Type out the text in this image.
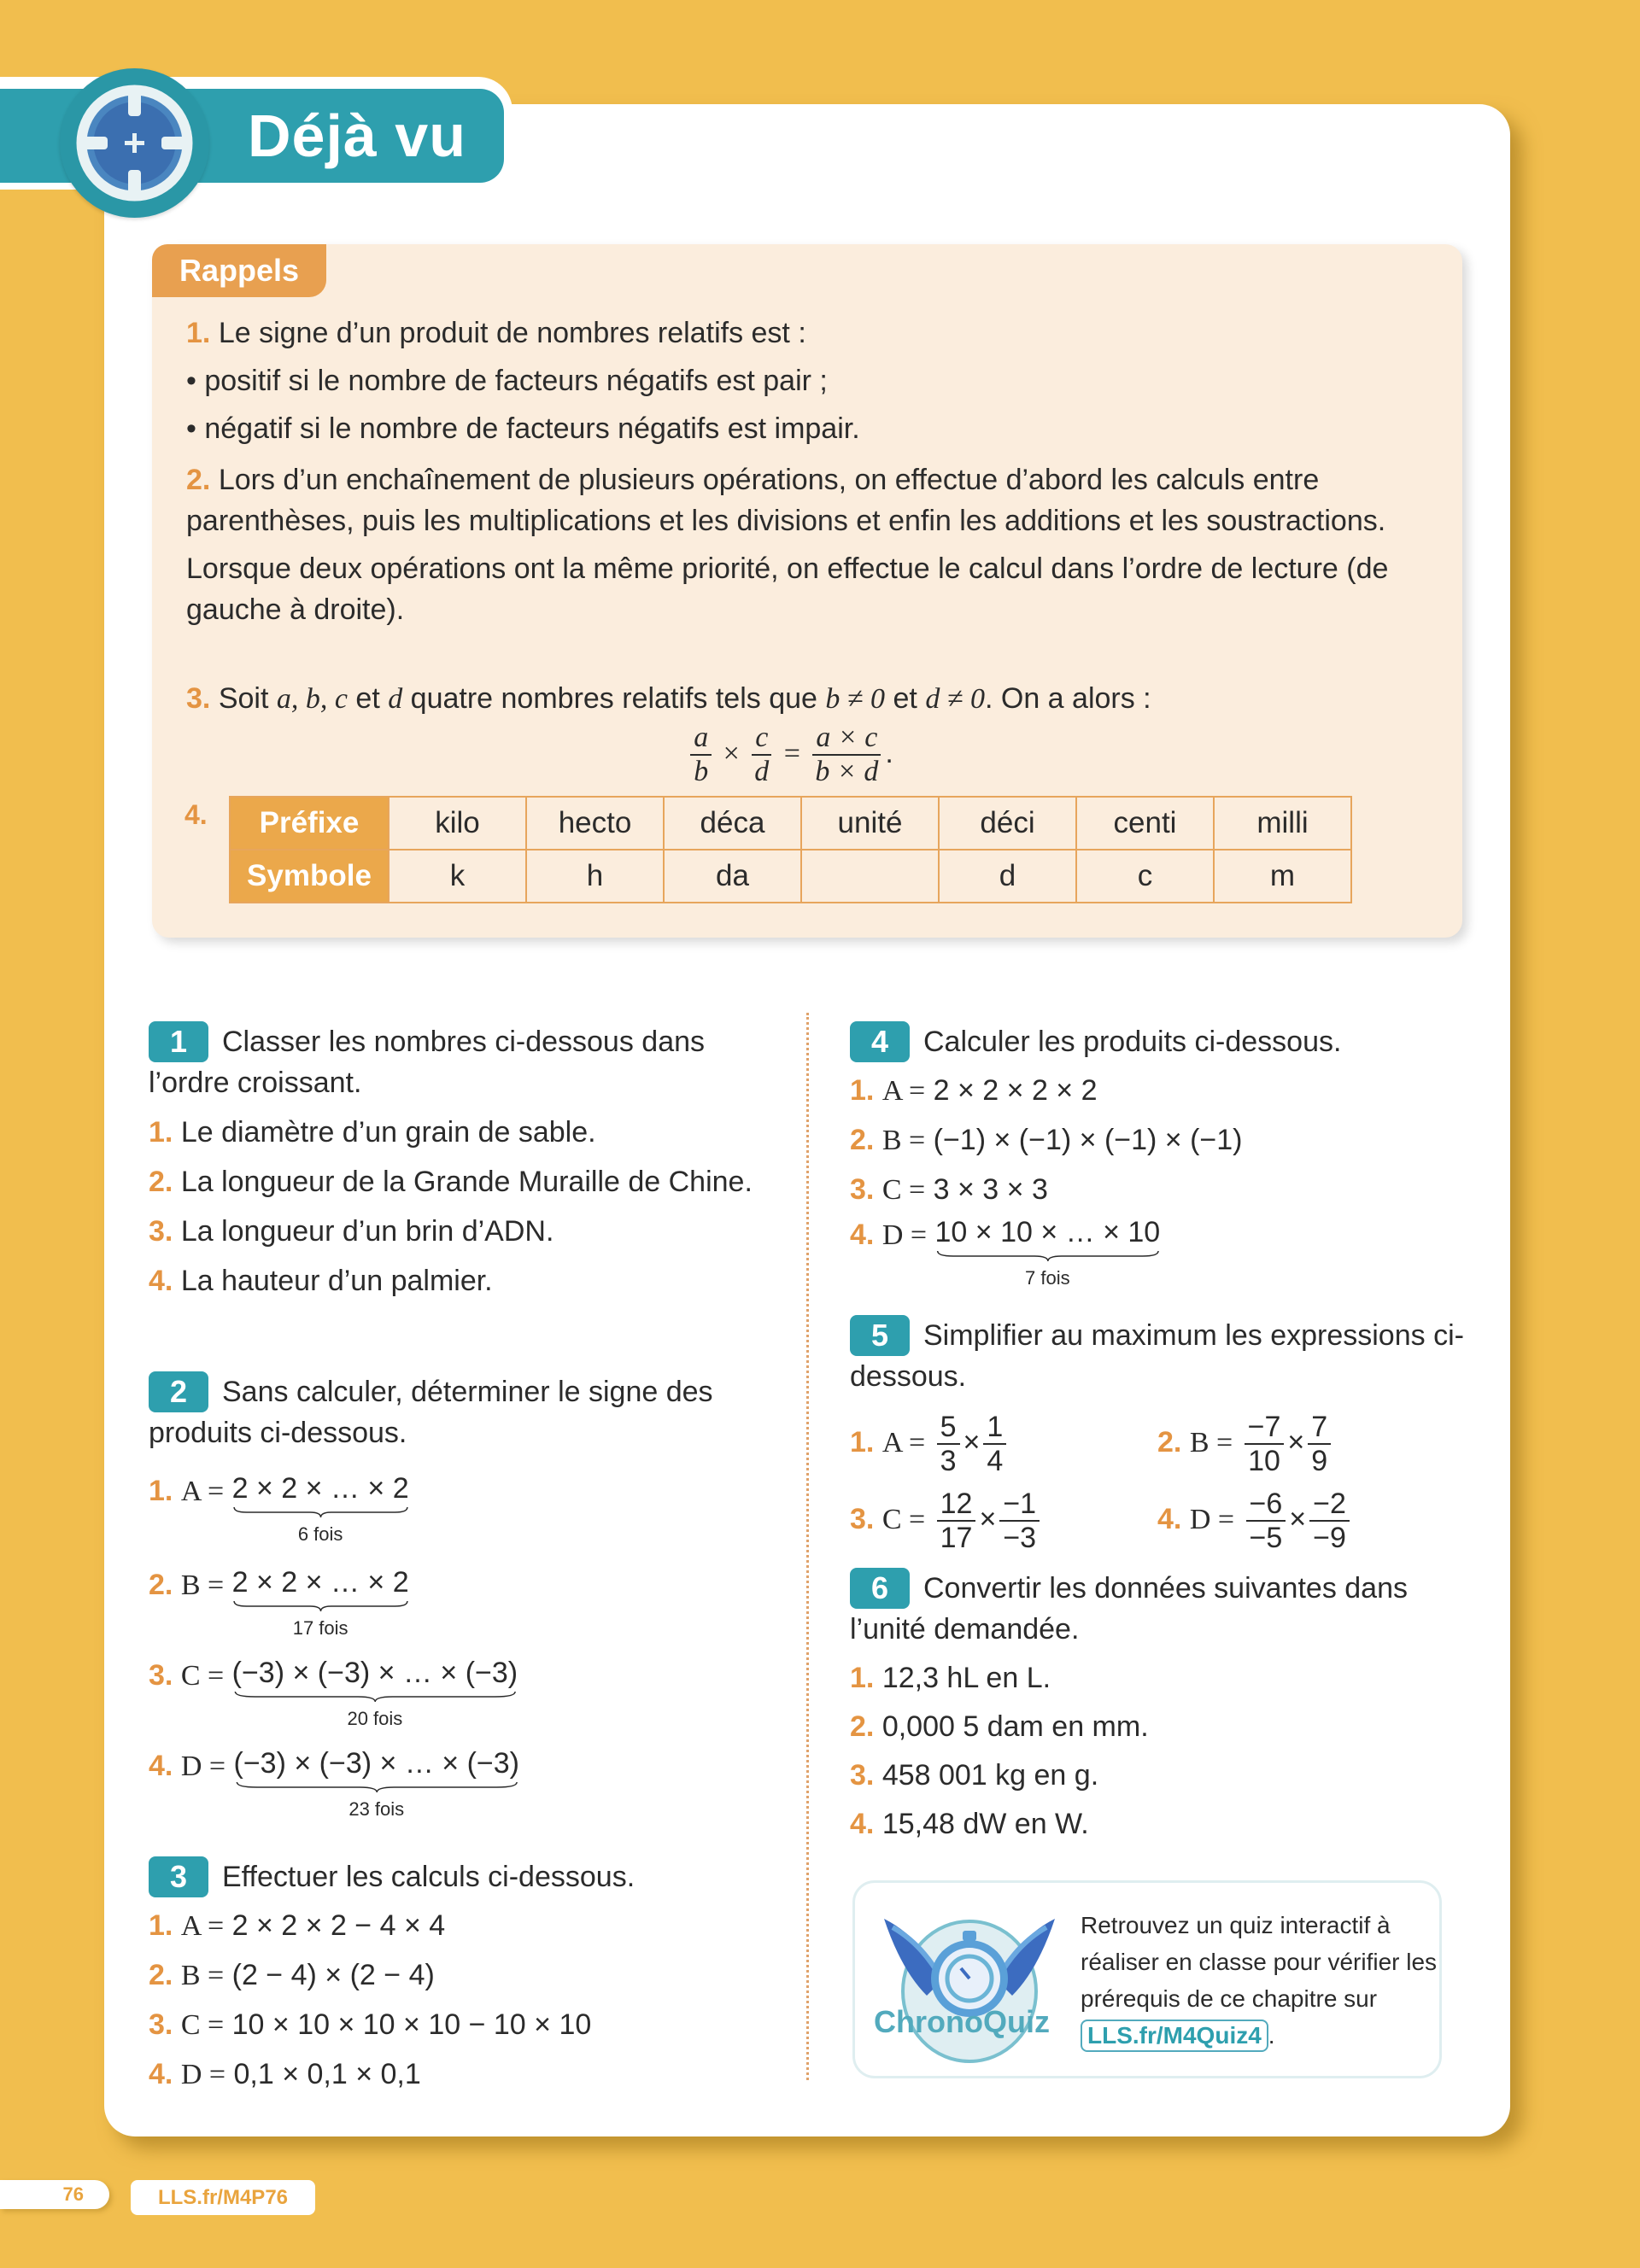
Déjà vu
Rappels
1. Le signe d’un produit de nombres relatifs est :
• positif si le nombre de facteurs négatifs est pair ;
• négatif si le nombre de facteurs négatifs est impair.
2. Lors d’un enchaînement de plusieurs opérations, on effectue d’abord les calculs entre parenthèses, puis les multiplications et les divisions et enfin les additions et les soustractions.
Lorsque deux opérations ont la même priorité, on effectue le calcul dans l’ordre de lecture (de gauche à droite).
3. Soit a, b, c et d quatre nombres relatifs tels que b ≠ 0 et d ≠ 0. On a alors :
$\frac{a}{b} \times \frac{c}{d} = \frac{a \times c}{b \times d}$ .
4. Préfixe	kilo	hecto	déca	unité	déci	centi	milli
Symbole	k	h	da		d	c	m
1 Classer les nombres ci-dessous dans l’ordre croissant.
1. Le diamètre d’un grain de sable.
2. La longueur de la Grande Muraille de Chine.
3. La longueur d’un brin d’ADN.
4. La hauteur d’un palmier.
2 Sans calculer, déterminer le signe des produits ci-dessous.
1. A = 2 × 2 × … × 2
6 fois
2. B = 2 × 2 × … × 2
17 fois
3. C = (−3) × (−3) × … × (−3)
20 fois
4. D = (−3) × (−3) × … × (−3)
23 fois
3 Effectuer les calculs ci-dessous.
1. A = 2 × 2 × 2 − 4 × 4
2. B = (2 − 4) × (2 − 4)
3. C = 10 × 10 × 10 × 10 − 10 × 10
4. D = 0,1 × 0,1 × 0,1
4 Calculer les produits ci-dessous.
1. A = 2 × 2 × 2 × 2
2. B = (−1) × (−1) × (−1) × (−1)
3. C = 3 × 3 × 3
4. D = 10 × 10 × … × 10
7 fois
5 Simplifier au maximum les expressions ci-dessous.
1. $A = \frac{5}{3} \times \frac{1}{4}$	2. $B = \frac{-7}{10} \times \frac{7}{9}$
3. $C = \frac{12}{17} \times \frac{-1}{-3}$	4. $D = \frac{-6}{-5} \times \frac{-2}{-9}$
6 Convertir les données suivantes dans l’unité demandée.
1. 12,3 hL en L.
2. 0,000 5 dam en mm.
3. 458 001 kg en g.
4. 15,48 dW en W.
ChronoQuiz
Retrouvez un quiz interactif à réaliser en classe pour vérifier les prérequis de ce chapitre sur LLS.fr/M4Quiz4 .
76	LLS.fr/M4P76
